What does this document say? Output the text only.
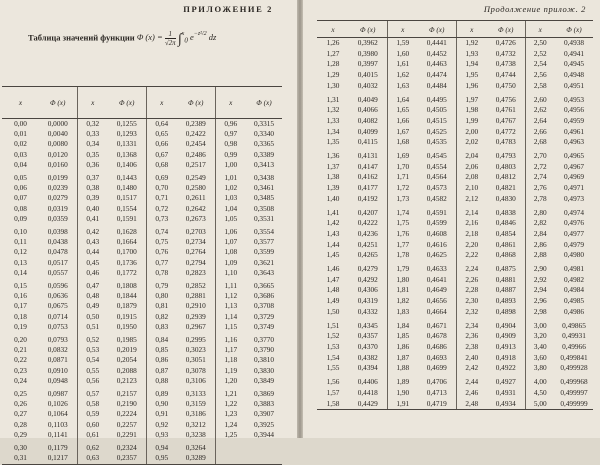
ПРИЛОЖЕНИЕ 2
Таблица значений функции Φ $(x) = \frac{1}{√2\pi} \int^x_0$ $e^{-z^2/2}$ dz
x	Φ (x)	x	Φ (x)	x	Φ (x)	x	Φ (x)
0,00	0,0000	0,32	0,1255	0,64	0,2389	0,96	0,3315
0,01	0,0040	0,33	0,1293	0,65	0,2422	0,97	0,3340
0,02	0,0080	0,34	0,1331	0,66	0,2454	0,98	0,3365
0,03	0,0120	0,35	0,1368	0,67	0,2486	0,99	0,3389
0,04	0,0160	0,36	0,1406	0,68	0,2517	1,00	0,3413
0,05	0,0199	0,37	0,1443	0,69	0,2549	1,01	0,3438
0,06	0,0239	0,38	0,1480	0,70	0,2580	1,02	0,3461
0,07	0,0279	0,39	0,1517	0,71	0,2611	1,03	0,3485
0,08	0,0319	0,40	0,1554	0,72	0,2642	1,04	0,3508
0,09	0,0359	0,41	0,1591	0,73	0,2673	1,05	0,3531
0,10	0,0398	0,42	0,1628	0,74	0,2703	1,06	0,3554
0,11	0,0438	0,43	0,1664	0,75	0,2734	1,07	0,3577
0,12	0,0478	0,44	0,1700	0,76	0,2764	1,08	0,3599
0,13	0,0517	0,45	0,1736	0,77	0,2794	1,09	0,3621
0,14	0,0557	0,46	0,1772	0,78	0,2823	1,10	0,3643
0,15	0,0596	0,47	0,1808	0,79	0,2852	1,11	0,3665
0,16	0,0636	0,48	0,1844	0,80	0,2881	1,12	0,3686
0,17	0,0675	0,49	0,1879	0,81	0,2910	1,13	0,3708
0,18	0,0714	0,50	0,1915	0,82	0,2939	1,14	0,3729
0,19	0,0753	0,51	0,1950	0,83	0,2967	1,15	0,3749
0,20	0,0793	0,52	0,1985	0,84	0,2995	1,16	0,3770
0,21	0,0832	0,53	0,2019	0,85	0,3023	1,17	0,3790
0,22	0,0871	0,54	0,2054	0,86	0,3051	1,18	0,3810
0,23	0,0910	0,55	0,2088	0,87	0,3078	1,19	0,3830
0,24	0,0948	0,56	0,2123	0,88	0,3106	1,20	0,3849
0,25	0,0987	0,57	0,2157	0,89	0,3133	1,21	0,3869
0,26	0,1026	0,58	0,2190	0,90	0,3159	1,22	0,3883
0,27	0,1064	0,59	0,2224	0,91	0,3186	1,23	0,3907
0,28	0,1103	0,60	0,2257	0,92	0,3212	1,24	0,3925
0,29	0,1141	0,61	0,2291	0,93	0,3238	1,25	0,3944
0,30	0,1179	0,62	0,2324	0,94	0,3264		
0,31	0,1217	0,63	0,2357	0,95	0,3289		
Продолжение прилож. 2
x	Φ (x)	x	Φ (x)	x	Φ (x)	x	Φ (x)
1,26	0,3962	1,59	0,4441	1,92	0,4726	2,50	0,4938
1,27	0,3980	1,60	0,4452	1,93	0,4732	2,52	0,4941
1,28	0,3997	1,61	0,4463	1,94	0,4738	2,54	0,4945
1,29	0,4015	1,62	0,4474	1,95	0,4744	2,56	0,4948
1,30	0,4032	1,63	0,4484	1,96	0,4750	2,58	0,4951
1,31	0,4049	1,64	0,4495	1,97	0,4756	2,60	0,4953
1,32	0,4066	1,65	0,4505	1,98	0,4761	2,62	0,4956
1,33	0,4082	1,66	0,4515	1,99	0,4767	2,64	0,4959
1,34	0,4099	1,67	0,4525	2,00	0,4772	2,66	0,4961
1,35	0,4115	1,68	0,4535	2,02	0,4783	2,68	0,4963
1,36	0,4131	1,69	0,4545	2,04	0,4793	2,70	0,4965
1,37	0,4147	1,70	0,4554	2,06	0,4803	2,72	0,4967
1,38	0,4162	1,71	0,4564	2,08	0,4812	2,74	0,4969
1,39	0,4177	1,72	0,4573	2,10	0,4821	2,76	0,4971
1,40	0,4192	1,73	0,4582	2,12	0,4830	2,78	0,4973
1,41	0,4207	1,74	0,4591	2,14	0,4838	2,80	0,4974
1,42	0,4222	1,75	0,4599	2,16	0,4846	2,82	0,4976
1,43	0,4236	1,76	0,4608	2,18	0,4854	2,84	0,4977
1,44	0,4251	1,77	0,4616	2,20	0,4861	2,86	0,4979
1,45	0,4265	1,78	0,4625	2,22	0,4868	2,88	0,4980
1,46	0,4279	1,79	0,4633	2,24	0,4875	2,90	0,4981
1,47	0,4292	1,80	0,4641	2,26	0,4881	2,92	0,4982
1,48	0,4306	1,81	0,4649	2,28	0,4887	2,94	0,4984
1,49	0,4319	1,82	0,4656	2,30	0,4893	2,96	0,4985
1,50	0,4332	1,83	0,4664	2,32	0,4898	2,98	0,4986
1,51	0,4345	1,84	0,4671	2,34	0,4904	3,00	0,49865
1,52	0,4357	1,85	0,4678	2,36	0,4909	3,20	0,49931
1,53	0,4370	1,86	0,4686	2,38	0,4913	3,40	0,49966
1,54	0,4382	1,87	0,4693	2,40	0,4918	3,60	0,499841
1,55	0,4394	1,88	0,4699	2,42	0,4922	3,80	0,499928
1,56	0,4406	1,89	0,4706	2,44	0,4927	4,00	0,499968
1,57	0,4418	1,90	0,4713	2,46	0,4931	4,50	0,499997
1,58	0,4429	1,91	0,4719	2,48	0,4934	5,00	0,499999
